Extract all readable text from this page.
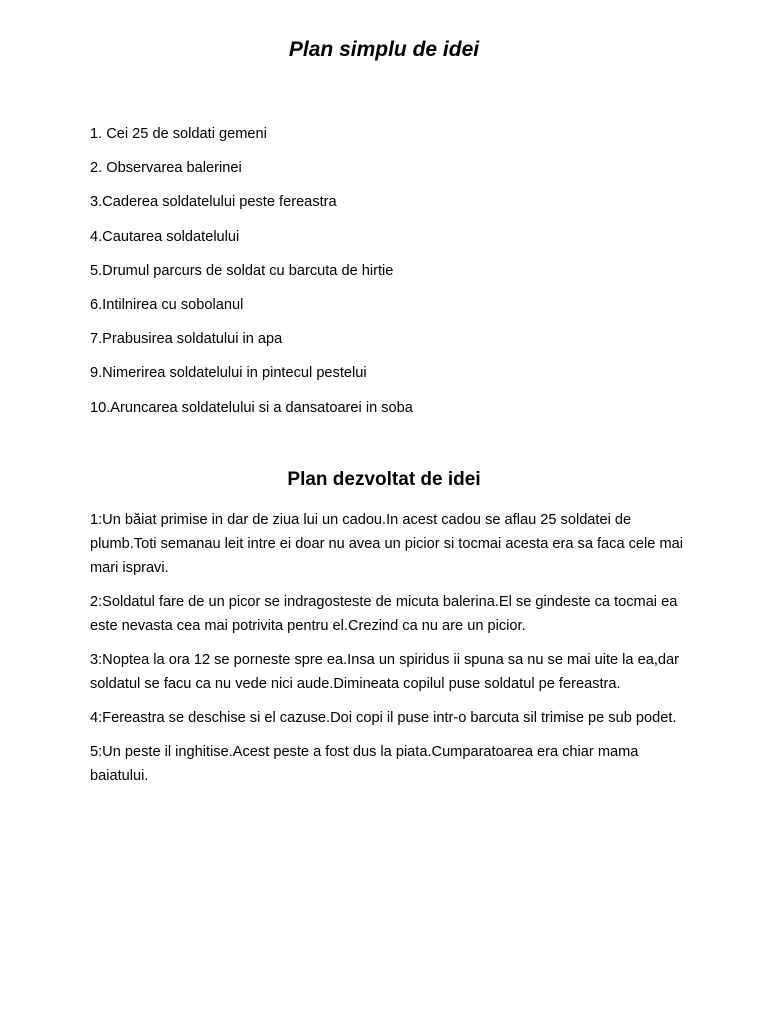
Plan simplu de idei
1. Cei 25 de soldati gemeni
2. Observarea balerinei
3.Caderea soldatelului peste fereastra
4.Cautarea soldatelului
5.Drumul parcurs de soldat cu barcuta de hirtie
6.Intilnirea cu sobolanul
7.Prabusirea soldatului in apa
9.Nimerirea soldatelului in pintecul pestelui
10.Aruncarea soldatelului si a dansatoarei in soba
Plan dezvoltat de idei

1:Un băiat primise in dar de ziua lui un cadou.In acest cadou se aflau 25 soldatei de plumb.Toti semanau leit intre ei doar nu avea un picior si tocmai acesta era sa faca cele mai mari ispravi.

2:Soldatul fare de un picor se indragosteste de micuta balerina.El se gindeste ca tocmai ea este nevasta cea mai potrivita pentru el.Crezind ca nu are un picior.

3:Noptea la ora 12 se porneste spre ea.Insa un spiridus ii spuna sa nu se mai uite la ea,dar soldatul se facu ca nu vede nici aude.Dimineata copilul puse soldatul pe fereastra.

4:Fereastra se deschise si el cazuse.Doi copi il puse intr-o barcuta sil trimise pe sub podet.

5:Un peste il inghitise.Acest peste a fost dus la piata.Cumparatoarea era chiar mama baiatului.
